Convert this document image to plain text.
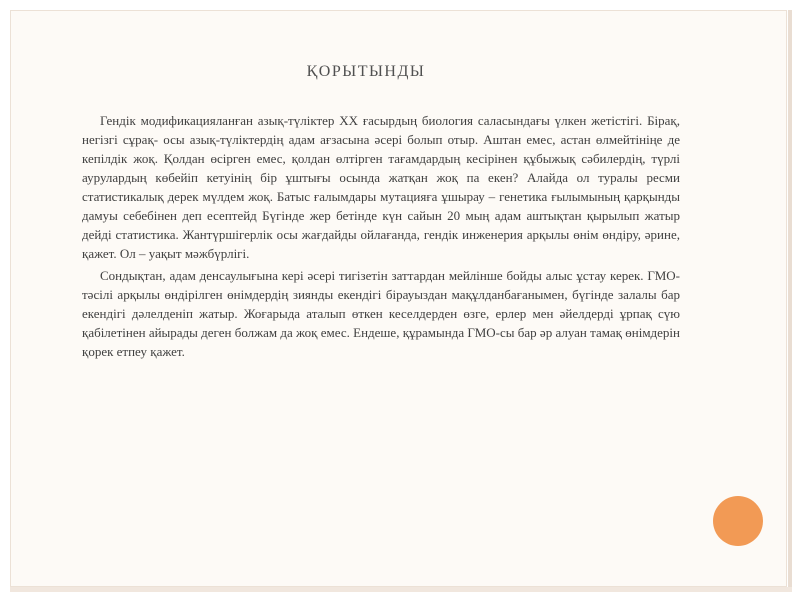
ҚОРЫТЫНДЫ

Гендік модификацияланған азық-түліктер XX ғасырдың биология саласындағы үлкен жетістігі. Бірақ, негізгі сұрақ- осы азық-түліктердің адам ағзасына әсері болып отыр. Аштан емес, астан өлмейтініңе де кепілдік жоқ. Қолдан өсірген емес, қолдан өлтірген тағамдардың кесірінен құбыжық сәбилердің, түрлі аурулардың көбейіп кетуінің бір ұштығы осында жатқан жоқ па екен? Алайда ол туралы ресми статистикалық дерек мүлдем жоқ. Батыс ғалымдары мутацияға ұшырау – генетика ғылымының қарқынды дамуы себебінен деп есептейд Бүгінде жер бетінде күн сайын 20 мың адам аштықтан қырылып жатыр дейді статистика. Жантүршігерлік осы жағдайды ойлағанда, гендік инженерия арқылы өнім өндіру, әрине, қажет. Ол – уақыт мәжбүрлігі.

Сондықтан, адам денсаулығына кері әсері тигізетін заттардан мейлінше бойды алыс ұстау керек. ГМО-тәсілі арқылы өндірілген өнімдердің зиянды екендігі бірауыздан мақұлданбағанымен, бүгінде залалы бар екендігі дәлелденіп жатыр. Жоғарыда аталып өткен кеселдерден өзге, ерлер мен әйелдерді ұрпақ сүю қабілетінен айырады деген болжам да жоқ емес. Ендеше, құрамында ГМО-сы бар әр алуан тамақ өнімдерін қорек етпеу қажет.
